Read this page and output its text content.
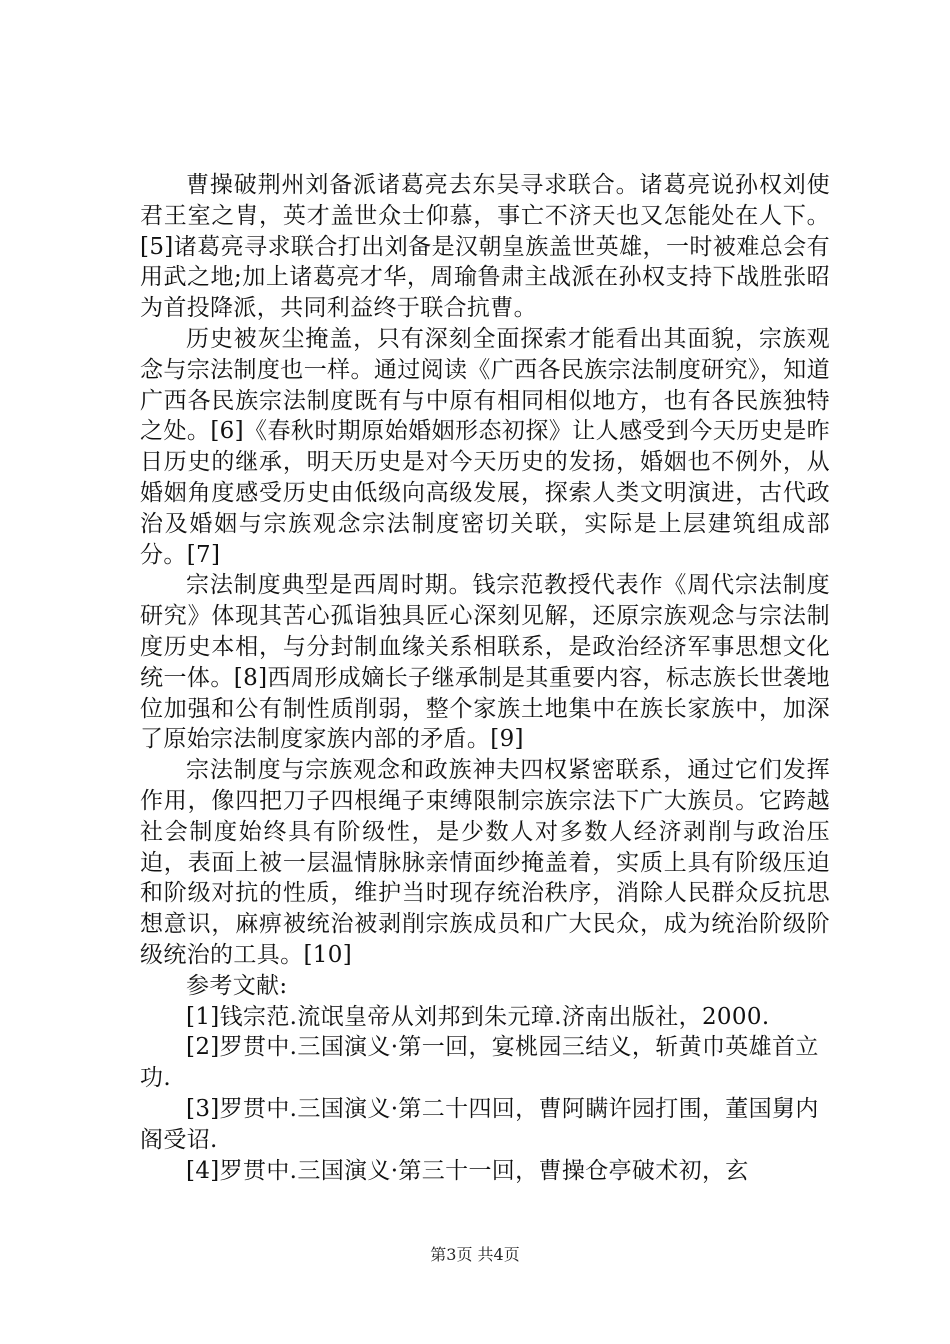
曹操破荆州刘备派诸葛亮去东吴寻求联合。诸葛亮说孙权刘使君王室之胄，英才盖世众士仰慕，事亡不济天也又怎能处在人下。[5]诸葛亮寻求联合打出刘备是汉朝皇族盖世英雄，一时被难总会有用武之地;加上诸葛亮才华，周瑜鲁肃主战派在孙权支持下战胜张昭为首投降派，共同利益终于联合抗曹。

历史被灰尘掩盖，只有深刻全面探索才能看出其面貌，宗族观念与宗法制度也一样。通过阅读《广西各民族宗法制度研究》，知道广西各民族宗法制度既有与中原有相同相似地方，也有各民族独特之处。[6]《春秋时期原始婚姻形态初探》让人感受到今天历史是昨日历史的继承，明天历史是对今天历史的发扬，婚姻也不例外，从婚姻角度感受历史由低级向高级发展，探索人类文明演进，古代政治及婚姻与宗族观念宗法制度密切关联，实际是上层建筑组成部分。[7]

宗法制度典型是西周时期。钱宗范教授代表作《周代宗法制度研究》体现其苦心孤诣独具匠心深刻见解，还原宗族观念与宗法制度历史本相，与分封制血缘关系相联系，是政治经济军事思想文化统一体。[8]西周形成嫡长子继承制是其重要内容，标志族长世袭地位加强和公有制性质削弱，整个家族土地集中在族长家族中，加深了原始宗法制度家族内部的矛盾。[9]

宗法制度与宗族观念和政族神夫四权紧密联系，通过它们发挥作用，像四把刀子四根绳子束缚限制宗族宗法下广大族员。它跨越社会制度始终具有阶级性，是少数人对多数人经济剥削与政治压迫，表面上被一层温情脉脉亲情面纱掩盖着，实质上具有阶级压迫和阶级对抗的性质，维护当时现存统治秩序，消除人民群众反抗思想意识，麻痹被统治被剥削宗族成员和广大民众，成为统治阶级阶级统治的工具。[10]

参考文献:

[1]钱宗范.流氓皇帝从刘邦到朱元璋.济南出版社，2000.

[2]罗贯中.三国演义·第一回，宴桃园三结义，斩黄巾英雄首立功.

[3]罗贯中.三国演义·第二十四回，曹阿瞒许园打围，董国舅内阁受诏.

[4]罗贯中.三国演义·第三十一回，曹操仓亭破术初，玄

第3页 共4页
